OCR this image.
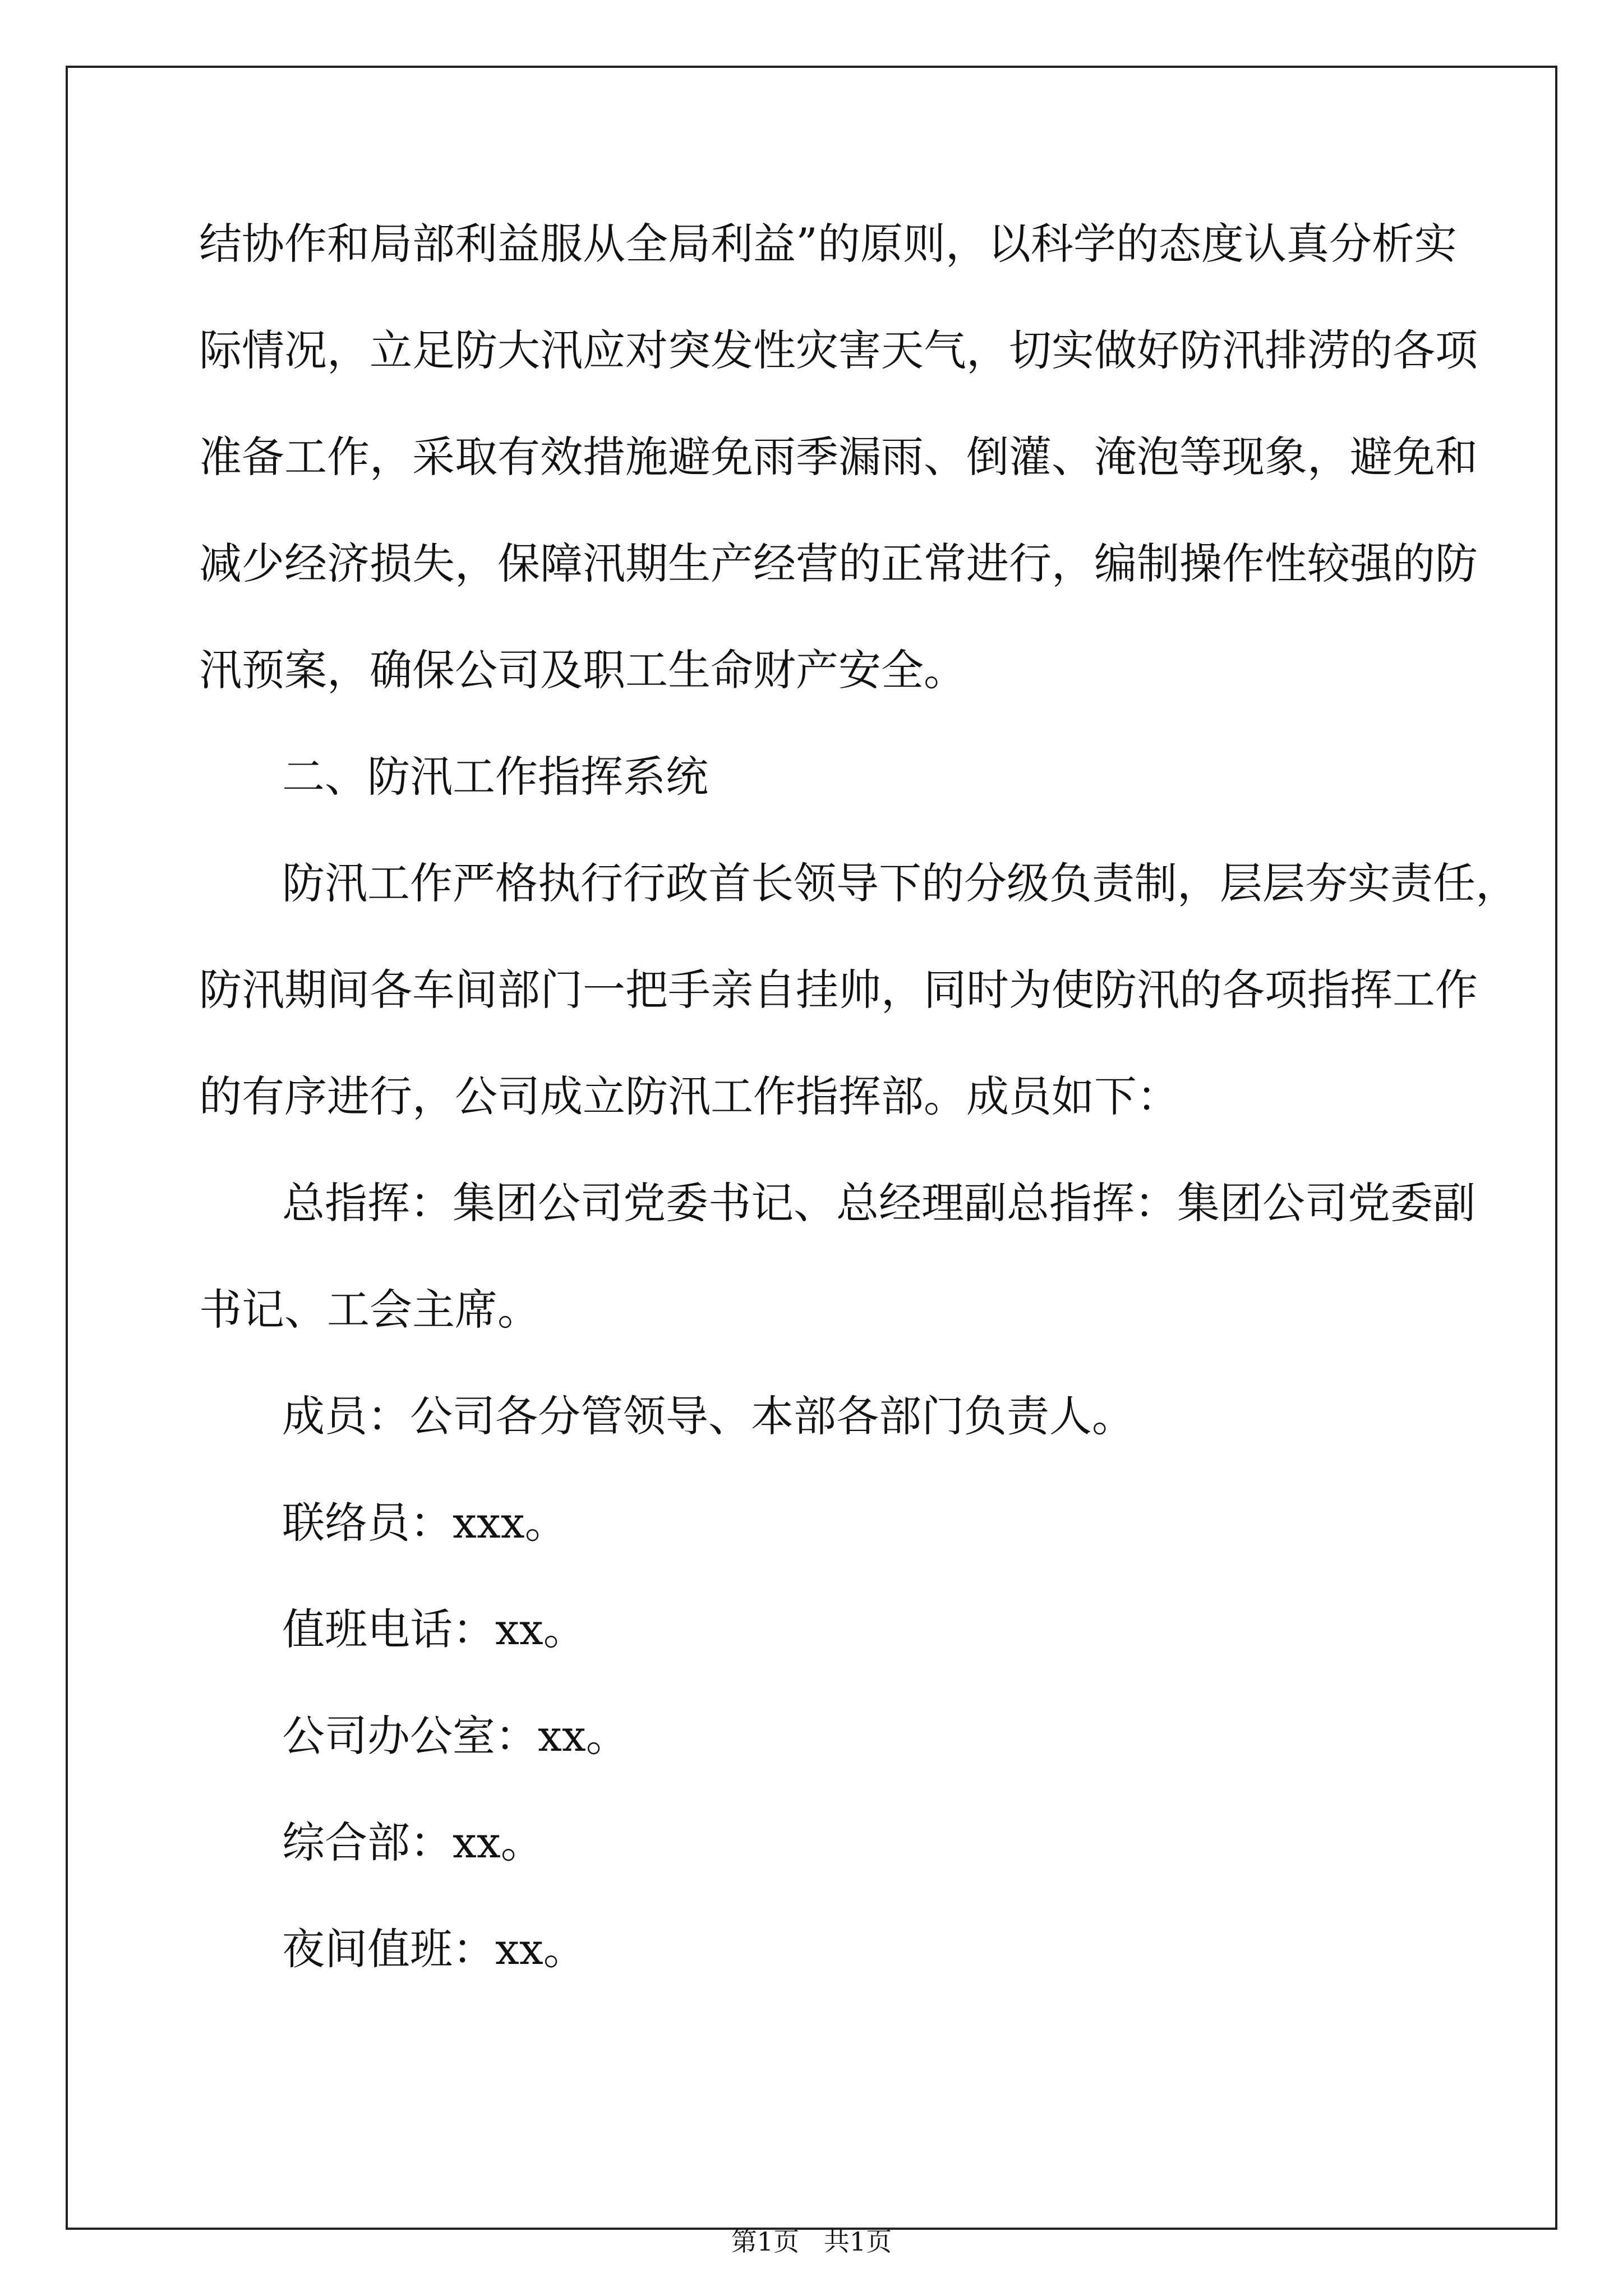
结协作和局部利益服从全局利益”的原则，以科学的态度认真分析实
际情况，立足防大汛应对突发性灾害天气，切实做好防汛排涝的各项
准备工作，采取有效措施避免雨季漏雨、倒灌、淹泡等现象，避免和
减少经济损失，保障汛期生产经营的正常进行，编制操作性较强的防
汛预案，确保公司及职工生命财产安全。
二、防汛工作指挥系统
防汛工作严格执行行政首长领导下的分级负责制，层层夯实责任，
防汛期间各车间部门一把手亲自挂帅，同时为使防汛的各项指挥工作
的有序进行，公司成立防汛工作指挥部。成员如下：
总指挥：集团公司党委书记、总经理副总指挥：集团公司党委副
书记、工会主席。
成员：公司各分管领导、本部各部门负责人。
联络员：xxx。
值班电话：xx。
公司办公室：xx。
综合部：xx。
夜间值班：xx。
第1页   共1页
